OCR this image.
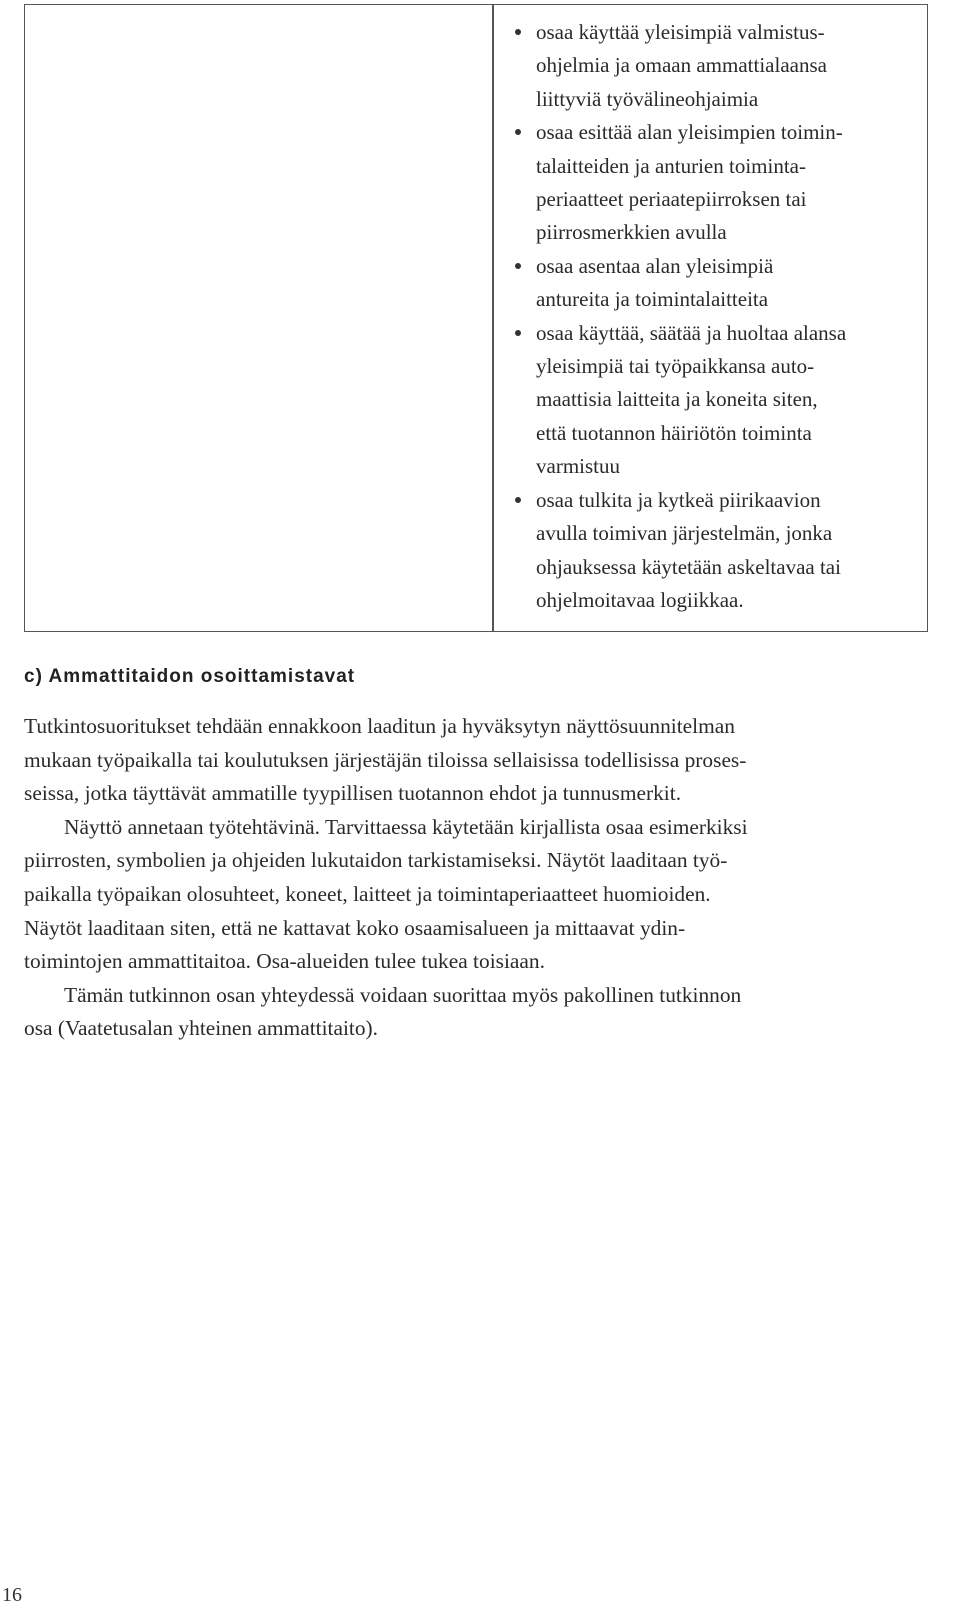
osaa käyttää yleisimpiä valmistus-
ohjelmia ja omaan ammattialaansa
liittyviä työvälineohjaimia
osaa esittää alan yleisimpien toimin-
talaitteiden ja anturien toiminta-
periaatteet periaatepiirroksen tai
piirrosmerkkien avulla
osaa asentaa alan yleisimpiä
antureita ja toimintalaitteita
osaa käyttää, säätää ja huoltaa alansa
yleisimpiä tai työpaikkansa auto-
maattisia laitteita ja koneita siten,
että tuotannon häiriötön toiminta
varmistuu
osaa tulkita ja kytkeä piirikaavion
avulla toimivan järjestelmän, jonka
ohjauksessa käytetään askeltavaa tai
ohjelmoitavaa logiikkaa.
c) Ammattitaidon osoittamistavat

Tutkintosuoritukset tehdään ennakkoon laaditun ja hyväksytyn näyttösuunnitelman
mukaan työpaikalla tai koulutuksen järjestäjän tiloissa sellaisissa todellisissa proses-
seissa, jotka täyttävät ammatille tyypillisen tuotannon ehdot ja tunnusmerkit.

Näyttö annetaan työtehtävinä. Tarvittaessa käytetään kirjallista osaa esimerkiksi
piirrosten, symbolien ja ohjeiden lukutaidon tarkistamiseksi. Näytöt laaditaan työ-
paikalla työpaikan olosuhteet, koneet, laitteet ja toimintaperiaatteet huomioiden.
Näytöt laaditaan siten, että ne kattavat koko osaamisalueen ja mittaavat ydin-
toimintojen ammattitaitoa. Osa-alueiden tulee tukea toisiaan.

Tämän tutkinnon osan yhteydessä voidaan suorittaa myös pakollinen tutkinnon
osa (Vaatetusalan yhteinen ammattitaito).

16
